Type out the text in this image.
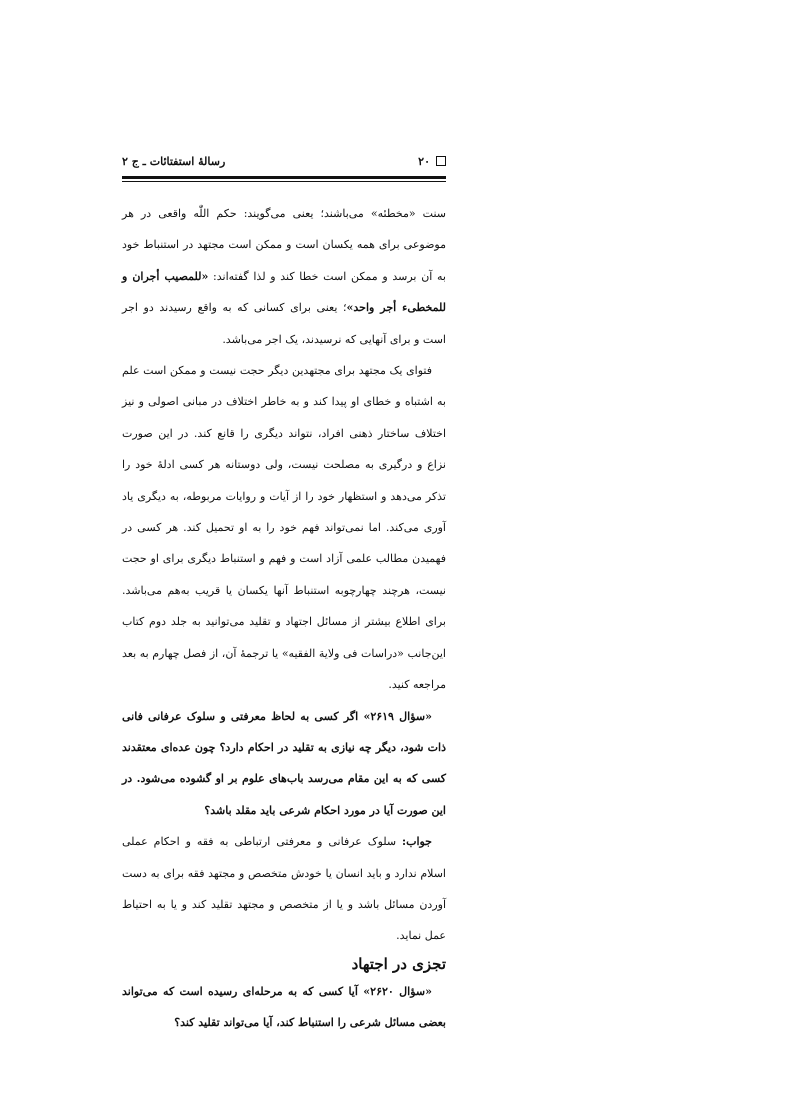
رسالهٔ استفتائات ـ ج ۲	۲۰

سنت «مخطئه» می‌باشند؛ یعنی می‌گویند: حکم اللّٰه واقعی در هر موضوعی برای همه یکسان است و ممکن است مجتهد در استنباط خود به آن برسد و ممکن است خطا کند و لذا گفته‌اند: «للمصیب أجران و للمخطیء أجر واحد»؛ یعنی برای کسانی که به واقع رسیدند دو اجر است و برای آنهایی که نرسیدند، یک اجر می‌باشد.

فتوای یک مجتهد برای مجتهدین دیگر حجت نیست و ممکن است علم به اشتباه و خطای او پیدا کند و به خاطر اختلاف در مبانی اصولی و نیز اختلاف ساختار ذهنی افراد، نتواند دیگری را قانع کند. در این صورت نزاع و درگیری به مصلحت نیست، ولی دوستانه هر کسی ادلهٔ خود را تذکر می‌دهد و استظهار خود را از آیات و روایات مربوطه، به دیگری یاد آوری می‌کند. اما نمی‌تواند فهم خود را به او تحمیل کند. هر کسی در فهمیدن مطالب علمی آزاد است و فهم و استنباط دیگری برای او حجت نیست، هرچند چهارچوبه استنباط آنها یکسان یا قریب به‌هم می‌باشد. برای اطلاع بیشتر از مسائل اجتهاد و تقلید می‌توانید به جلد دوم کتاب این‌جانب «دراسات فی ولایة الفقیه» یا ترجمهٔ آن، از فصل چهارم به بعد مراجعه کنید.

«سؤال ۲۶۱۹» اگر کسی به لحاظ معرفتی و سلوک عرفانی فانی ذات شود، دیگر چه نیازی به تقلید در احکام دارد؟ چون عده‌ای معتقدند کسی که به این مقام می‌رسد باب‌های علوم بر او گشوده می‌شود. در این صورت آیا در مورد احکام شرعی باید مقلد باشد؟

جواب: سلوک عرفانی و معرفتی ارتباطی به فقه و احکام عملی اسلام ندارد و باید انسان یا خودش متخصص و مجتهد فقه برای به دست آوردن مسائل باشد و یا از متخصص و مجتهد تقلید کند و یا به احتیاط عمل نماید.

تجزی در اجتهاد

«سؤال ۲۶۲۰» آیا کسی که به مرحله‌ای رسیده است که می‌تواند بعضی مسائل شرعی را استنباط کند، آیا می‌تواند تقلید کند؟
